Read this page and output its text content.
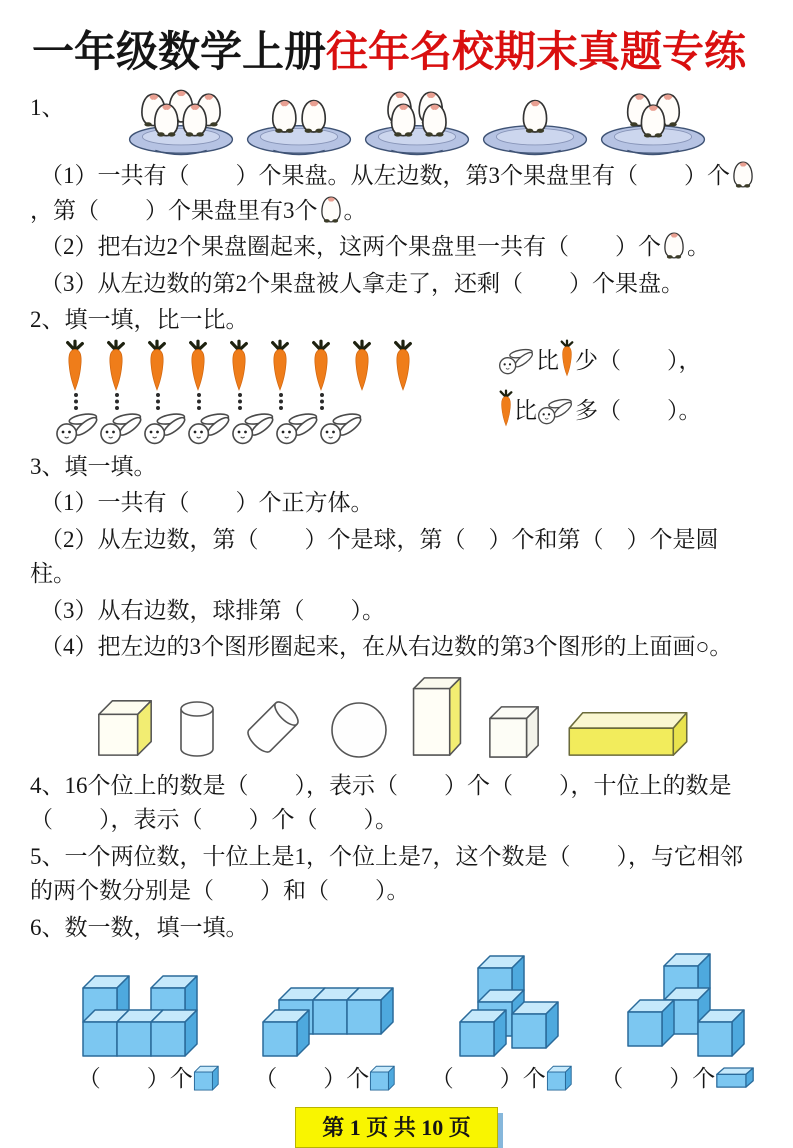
一年级数学上册往年名校期末真题专练
1、

（1）一共有（　　）个果盘。从左边数，第3个果盘里有（　　）个，第（　　）个果盘里有3个 。

（2）把右边2个果盘圈起来，这两个果盘里一共有（　　）个 。

（3）从左边数的第2个果盘被人拿走了，还剩（　　）个果盘。

2、填一填，比一比。

比 少（　　），

比 多（　　）。

3、填一填。

（1）一共有（　　）个正方体。

（2）从左边数，第（　　）个是球，第（　）个和第（　）个是圆柱。

（3）从右边数，球排第（　　）。

（4）把左边的3个图形圈起来，在从右边数的第3个图形的上面画○。

4、16个位上的数是（　　），表示（　　）个（　　），十位上的数是（　　），表示（　　）个（　　）。

5、一个两位数，十位上是1，个位上是7，这个数是（　　），与它相邻的两个数分别是（　　）和（　　）。

6、数一数，填一填。

（　　）个	（　　）个	（　　）个	（　　）个
第 1 页 共 10 页
